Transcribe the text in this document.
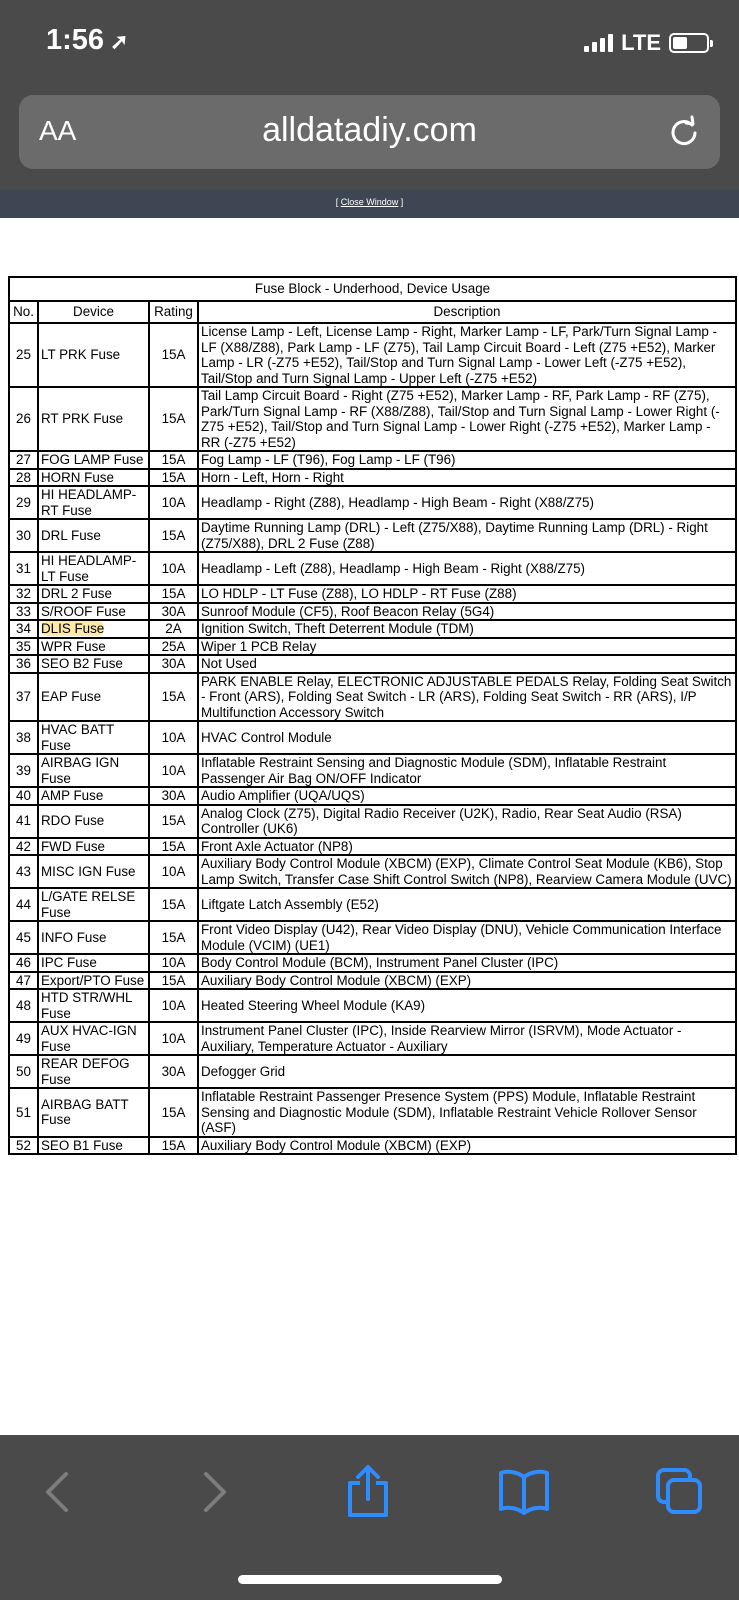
1:56 ➚	LTE
AA	alldatadiy.com
[ Close Window ]
Fuse Block - Underhood, Device Usage			
No.	Device	Rating	Description
25	LT PRK Fuse	15A	License Lamp - Left, License Lamp - Right, Marker Lamp - LF, Park/Turn Signal Lamp - LF (X88/Z88), Park Lamp - LF (Z75), Tail Lamp Circuit Board - Left (Z75 +E52), Marker Lamp - LR (-Z75 +E52), Tail/Stop and Turn Signal Lamp - Lower Left (-Z75 +E52), Tail/Stop and Turn Signal Lamp - Upper Left (-Z75 +E52)
26	RT PRK Fuse	15A	Tail Lamp Circuit Board - Right (Z75 +E52), Marker Lamp - RF, Park Lamp - RF (Z75), Park/Turn Signal Lamp - RF (X88/Z88), Tail/Stop and Turn Signal Lamp - Lower Right (-Z75 +E52), Tail/Stop and Turn Signal Lamp - Lower Right (-Z75 +E52), Marker Lamp - RR (-Z75 +E52)
27	FOG LAMP Fuse	15A	Fog Lamp - LF (T96), Fog Lamp - LF (T96)
28	HORN Fuse	15A	Horn - Left, Horn - Right
29	HI HEADLAMP-RT Fuse	10A	Headlamp - Right (Z88), Headlamp - High Beam - Right (X88/Z75)
30	DRL Fuse	15A	Daytime Running Lamp (DRL) - Left (Z75/X88), Daytime Running Lamp (DRL) - Right (Z75/X88), DRL 2 Fuse (Z88)
31	HI HEADLAMP-LT Fuse	10A	Headlamp - Left (Z88), Headlamp - High Beam - Right (X88/Z75)
32	DRL 2 Fuse	15A	LO HDLP - LT Fuse (Z88), LO HDLP - RT Fuse (Z88)
33	S/ROOF Fuse	30A	Sunroof Module (CF5), Roof Beacon Relay (5G4)
34	DLIS Fuse	2A	Ignition Switch, Theft Deterrent Module (TDM)
35	WPR Fuse	25A	Wiper 1 PCB Relay
36	SEO B2 Fuse	30A	Not Used
37	EAP Fuse	15A	PARK ENABLE Relay, ELECTRONIC ADJUSTABLE PEDALS Relay, Folding Seat Switch - Front (ARS), Folding Seat Switch - LR (ARS), Folding Seat Switch - RR (ARS), I/P Multifunction Accessory Switch
38	HVAC BATT Fuse	10A	HVAC Control Module
39	AIRBAG IGN Fuse	10A	Inflatable Restraint Sensing and Diagnostic Module (SDM), Inflatable Restraint Passenger Air Bag ON/OFF Indicator
40	AMP Fuse	30A	Audio Amplifier (UQA/UQS)
41	RDO Fuse	15A	Analog Clock (Z75), Digital Radio Receiver (U2K), Radio, Rear Seat Audio (RSA) Controller (UK6)
42	FWD Fuse	15A	Front Axle Actuator (NP8)
43	MISC IGN Fuse	10A	Auxiliary Body Control Module (XBCM) (EXP), Climate Control Seat Module (KB6), Stop Lamp Switch, Transfer Case Shift Control Switch (NP8), Rearview Camera Module (UVC)
44	L/GATE RELSE Fuse	15A	Liftgate Latch Assembly (E52)
45	INFO Fuse	15A	Front Video Display (U42), Rear Video Display (DNU), Vehicle Communication Interface Module (VCIM) (UE1)
46	IPC Fuse	10A	Body Control Module (BCM), Instrument Panel Cluster (IPC)
47	Export/PTO Fuse	15A	Auxiliary Body Control Module (XBCM) (EXP)
48	HTD STR/WHL Fuse	10A	Heated Steering Wheel Module (KA9)
49	AUX HVAC-IGN Fuse	10A	Instrument Panel Cluster (IPC), Inside Rearview Mirror (ISRVM), Mode Actuator - Auxiliary, Temperature Actuator - Auxiliary
50	REAR DEFOG Fuse	30A	Defogger Grid
51	AIRBAG BATT Fuse	15A	Inflatable Restraint Passenger Presence System (PPS) Module, Inflatable Restraint Sensing and Diagnostic Module (SDM), Inflatable Restraint Vehicle Rollover Sensor (ASF)
52	SEO B1 Fuse	15A	Auxiliary Body Control Module (XBCM) (EXP)
